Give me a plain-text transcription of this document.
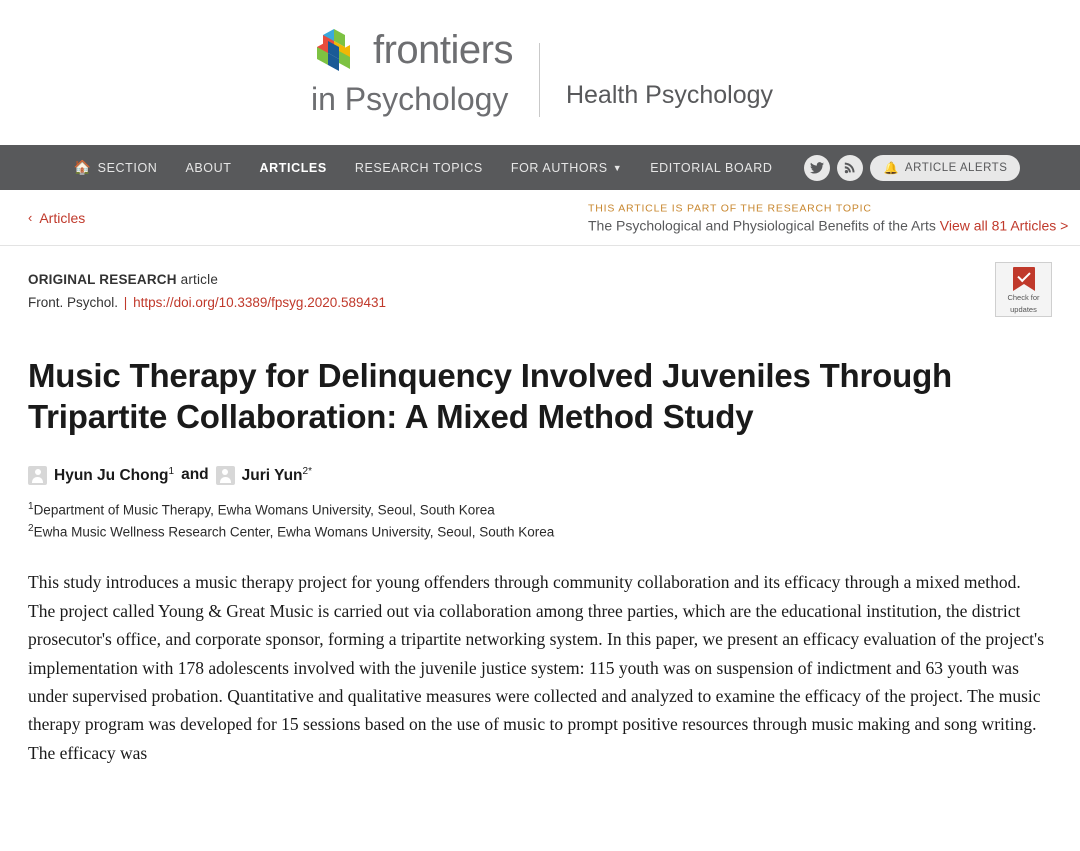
frontiers
in Psychology Health Psychology
🏠 SECTION ABOUT ARTICLES RESEARCH TOPICS FOR AUTHORS ▼ EDITORIAL BOARD	🔔 ARTICLE ALERTS
‹ Articles
THIS ARTICLE IS PART OF THE RESEARCH TOPIC
The Psychological and Physiological Benefits of the Arts View all 81 Articles >
ORIGINAL RESEARCH article
Front. Psychol. | https://doi.org/10.3389/fpsyg.2020.589431	Check for
updates
Music Therapy for Delinquency Involved Juveniles Through Tripartite Collaboration: A Mixed Method Study
Hyun Ju Chong$^1$ and Juri Yun$^{2*}$
$^1$Department of Music Therapy, Ewha Womans University, Seoul, South Korea
$^2$Ewha Music Wellness Research Center, Ewha Womans University, Seoul, South Korea
This study introduces a music therapy project for young offenders through community collaboration and its efficacy through a mixed method. The project called Young & Great Music is carried out via collaboration among three parties, which are the educational institution, the district prosecutor's office, and corporate sponsor, forming a tripartite networking system. In this paper, we present an efficacy evaluation of the project's implementation with 178 adolescents involved with the juvenile justice system: 115 youth was on suspension of indictment and 63 youth was under supervised probation. Quantitative and qualitative measures were collected and analyzed to examine the efficacy of the project. The music therapy program was developed for 15 sessions based on the use of music to prompt positive resources through music making and song writing. The efficacy was
